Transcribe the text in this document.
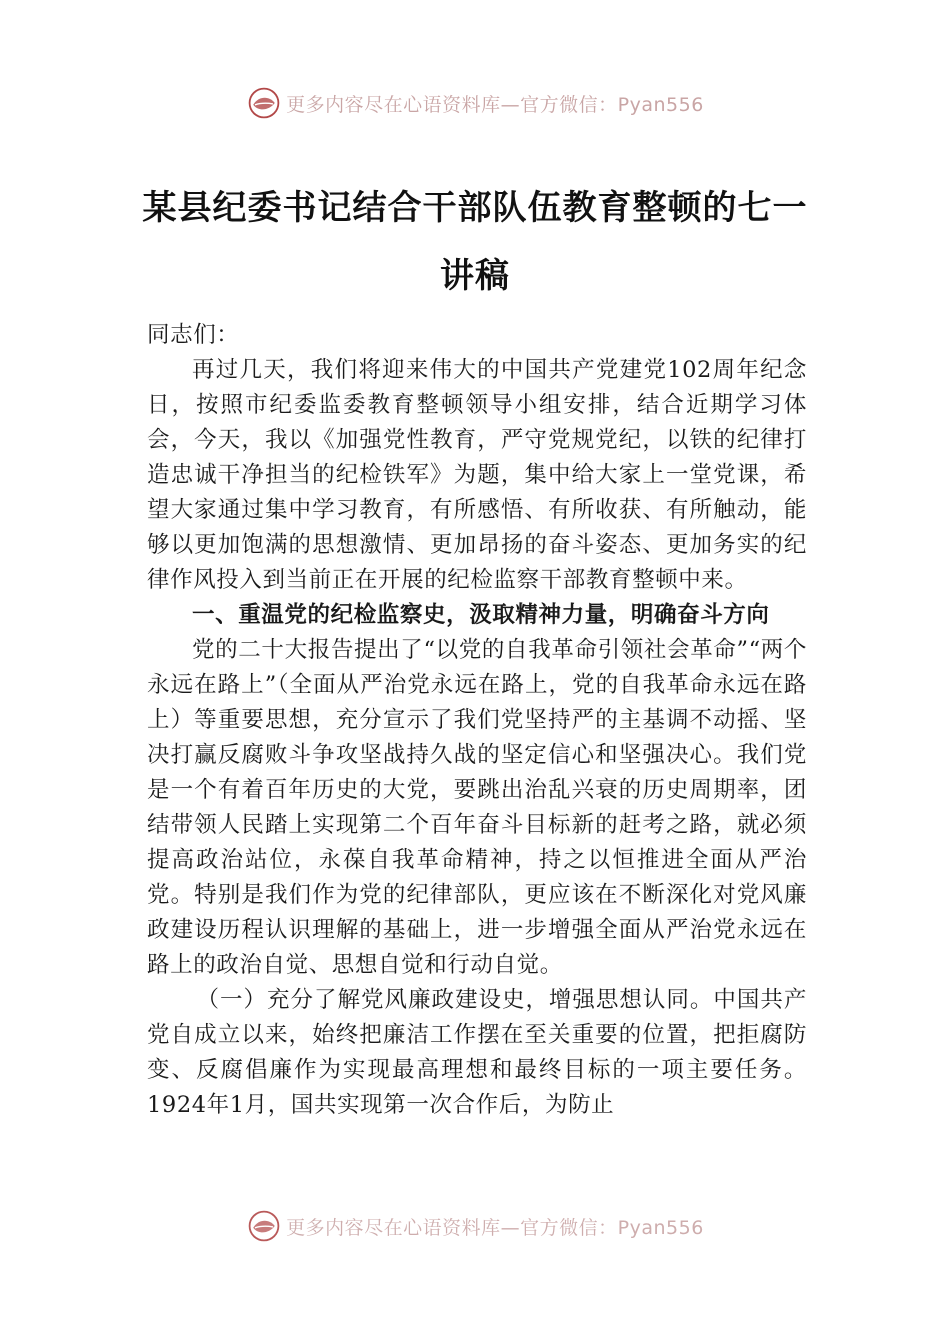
更多内容尽在心语资料库—官方微信：Pyan556
某县纪委书记结合干部队伍教育整顿的七一讲稿

同志们：

再过几天，我们将迎来伟大的中国共产党建党102周年纪念日，按照市纪委监委教育整顿领导小组安排，结合近期学习体会，今天，我以《加强党性教育，严守党规党纪，以铁的纪律打造忠诚干净担当的纪检铁军》为题，集中给大家上一堂党课，希望大家通过集中学习教育，有所感悟、有所收获、有所触动，能够以更加饱满的思想激情、更加昂扬的奋斗姿态、更加务实的纪律作风投入到当前正在开展的纪检监察干部教育整顿中来。

一、重温党的纪检监察史，汲取精神力量，明确奋斗方向

党的二十大报告提出了“以党的自我革命引领社会革命”“两个永远在路上”（全面从严治党永远在路上，党的自我革命永远在路上）等重要思想，充分宣示了我们党坚持严的主基调不动摇、坚决打赢反腐败斗争攻坚战持久战的坚定信心和坚强决心。我们党是一个有着百年历史的大党，要跳出治乱兴衰的历史周期率，团结带领人民踏上实现第二个百年奋斗目标新的赶考之路，就必须提高政治站位，永葆自我革命精神，持之以恒推进全面从严治党。特别是我们作为党的纪律部队，更应该在不断深化对党风廉政建设历程认识理解的基础上，进一步增强全面从严治党永远在路上的政治自觉、思想自觉和行动自觉。

（一）充分了解党风廉政建设史，增强思想认同。中国共产党自成立以来，始终把廉洁工作摆在至关重要的位置，把拒腐防变、反腐倡廉作为实现最高理想和最终目标的一项主要任务。1924年1月，国共实现第一次合作后，为防止

更多内容尽在心语资料库—官方微信：Pyan556
